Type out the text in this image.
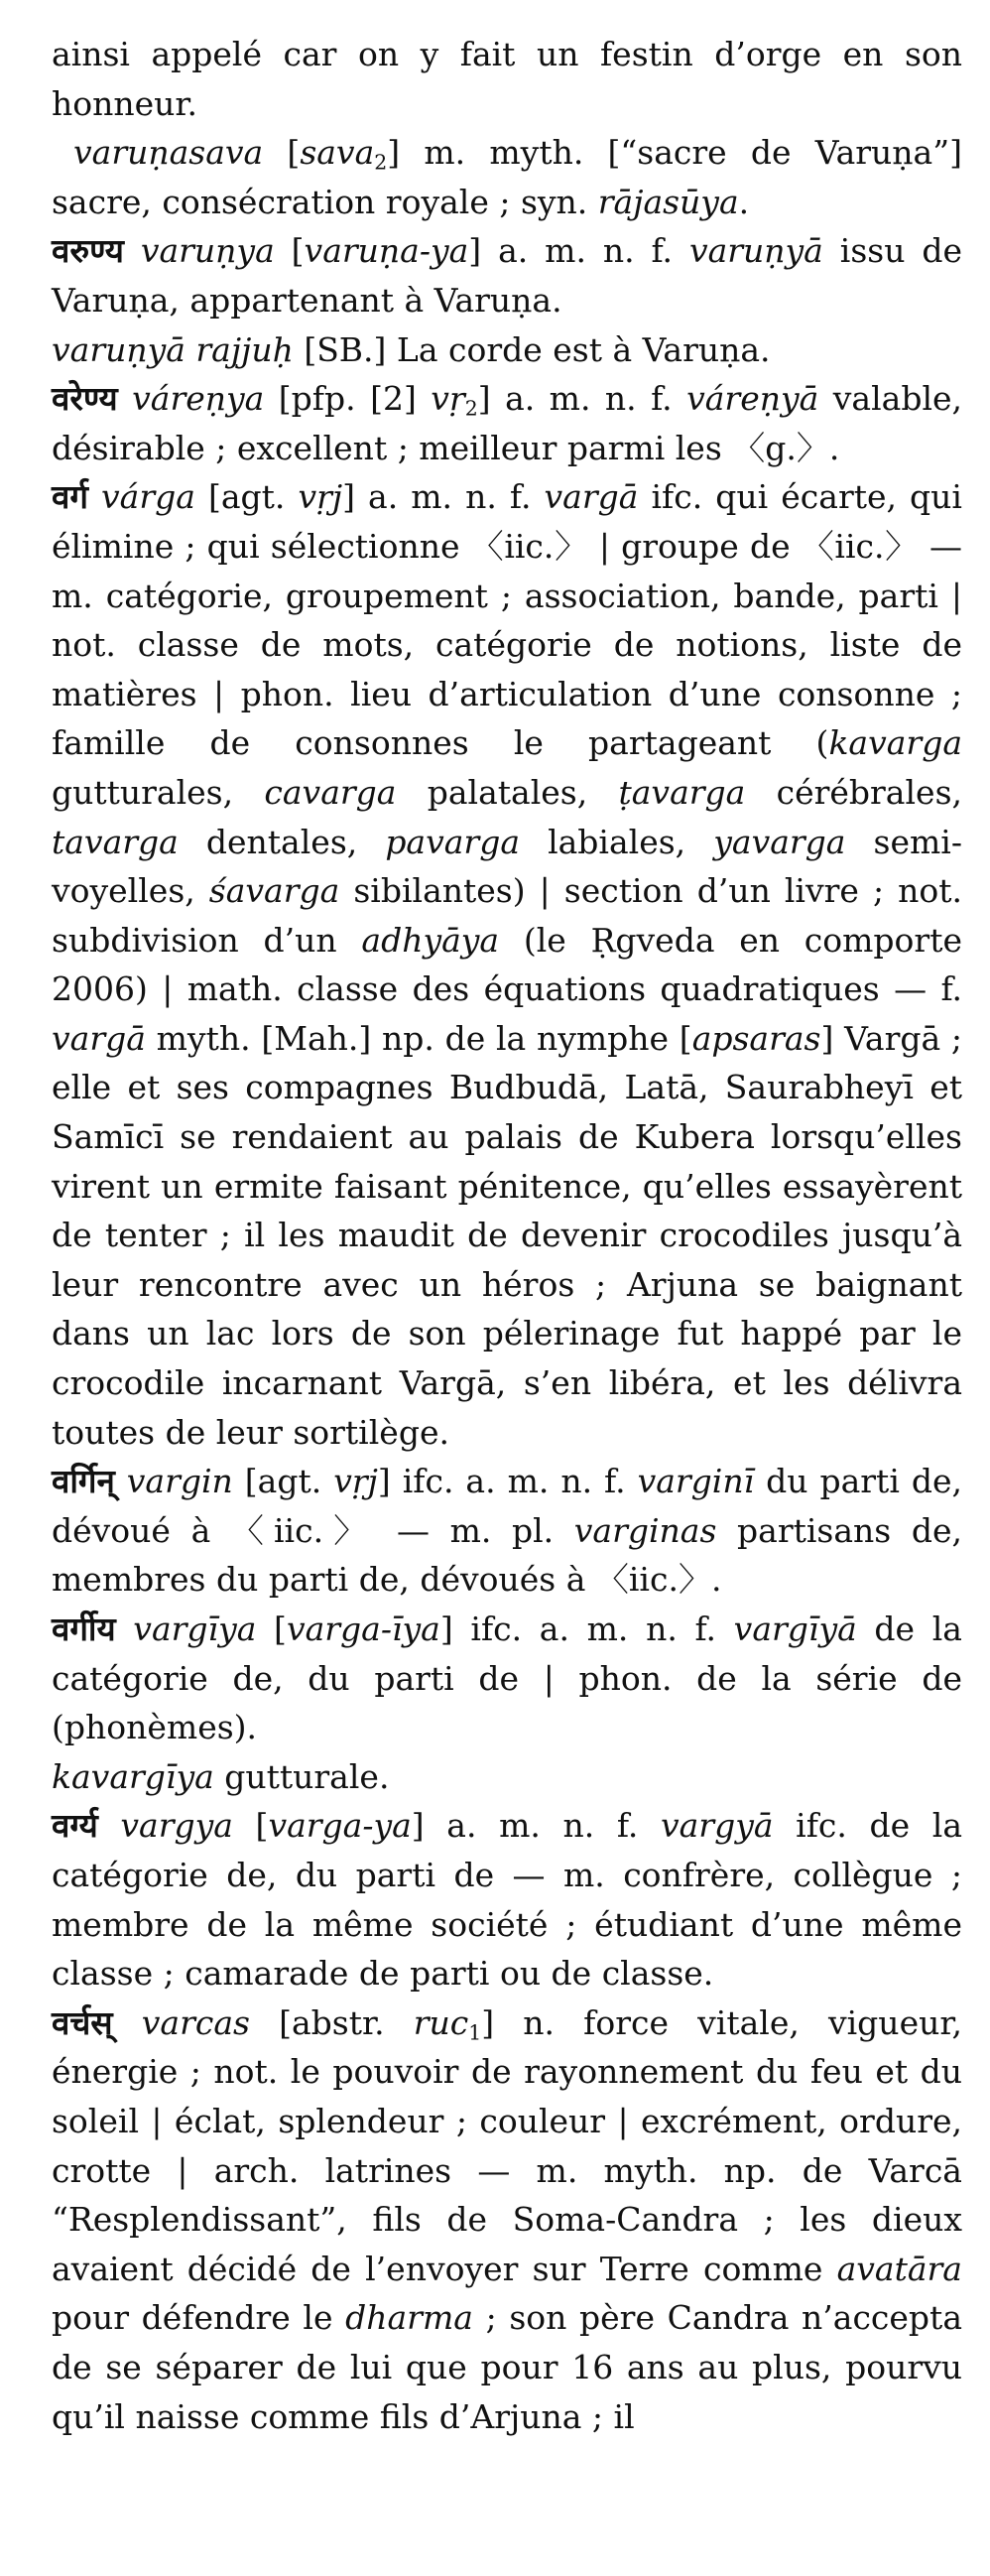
ainsi appelé car on y fait un festin d’orge en son honneur.

varuṇasava [sava$_2$] m. myth. [“sacre de Varuṇa”] sacre, consécration royale ; syn. rājasūya.

वरुण्य varuṇya [varuṇa-ya] a. m. n. f. varuṇyā issu de Varuṇa, appartenant à Varuṇa.

varuṇyā rajjuḥ [SB.] La corde est à Varuṇa.

वरेण्य váreṇya [pfp. [2] vṛ$_2$] a. m. n. f. váreṇyā valable, désirable ; excellent ; meilleur parmi les 〈g.〉.

वर्ग várga [agt. vṛj] a. m. n. f. vargā ifc. qui écarte, qui élimine ; qui sélectionne 〈iic.〉 | groupe de 〈iic.〉 — m. catégorie, groupement ; association, bande, parti | not. classe de mots, catégorie de notions, liste de matières | phon. lieu d’articulation d’une consonne ; famille de consonnes le partageant (kavarga gutturales, cavarga palatales, ṭavarga cérébrales, tavarga dentales, pavarga labiales, yavarga semi-voyelles, śavarga sibilantes) | section d’un livre ; not. subdivision d’un adhyāya (le Ṛgveda en comporte 2006) | math. classe des équations quadratiques — f. vargā myth. [Mah.] np. de la nymphe [apsaras] Vargā ; elle et ses compagnes Budbudā, Latā, Saurabheyī et Samīcī se rendaient au palais de Kubera lorsqu’elles virent un ermite faisant pénitence, qu’elles essayèrent de tenter ; il les maudit de devenir crocodiles jusqu’à leur rencontre avec un héros ; Arjuna se baignant dans un lac lors de son pélerinage fut happé par le crocodile incarnant Vargā, s’en libéra, et les délivra toutes de leur sortilège.

वर्गिन् vargin [agt. vṛj] ifc. a. m. n. f. varginī du parti de, dévoué à 〈iic.〉 — m. pl. varginas partisans de, membres du parti de, dévoués à 〈iic.〉.

वर्गीय vargīya [varga-īya] ifc. a. m. n. f. vargīyā de la catégorie de, du parti de | phon. de la série de (phonèmes).

kavargīya gutturale.

वर्ग्य vargya [varga-ya] a. m. n. f. vargyā ifc. de la catégorie de, du parti de — m. confrère, collègue ; membre de la même société ; étudiant d’une même classe ; camarade de parti ou de classe.

वर्चस् varcas [abstr. ruc$_1$] n. force vitale, vigueur, énergie ; not. le pouvoir de rayonnement du feu et du soleil | éclat, splendeur ; couleur | excrément, ordure, crotte | arch. latrines — m. myth. np. de Varcā “Resplendissant”, fils de Soma-Candra ; les dieux avaient décidé de l’envoyer sur Terre comme avatāra pour défendre le dharma ; son père Candra n’accepta de se séparer de lui que pour 16 ans au plus, pourvu qu’il naisse comme fils d’Arjuna ; il
